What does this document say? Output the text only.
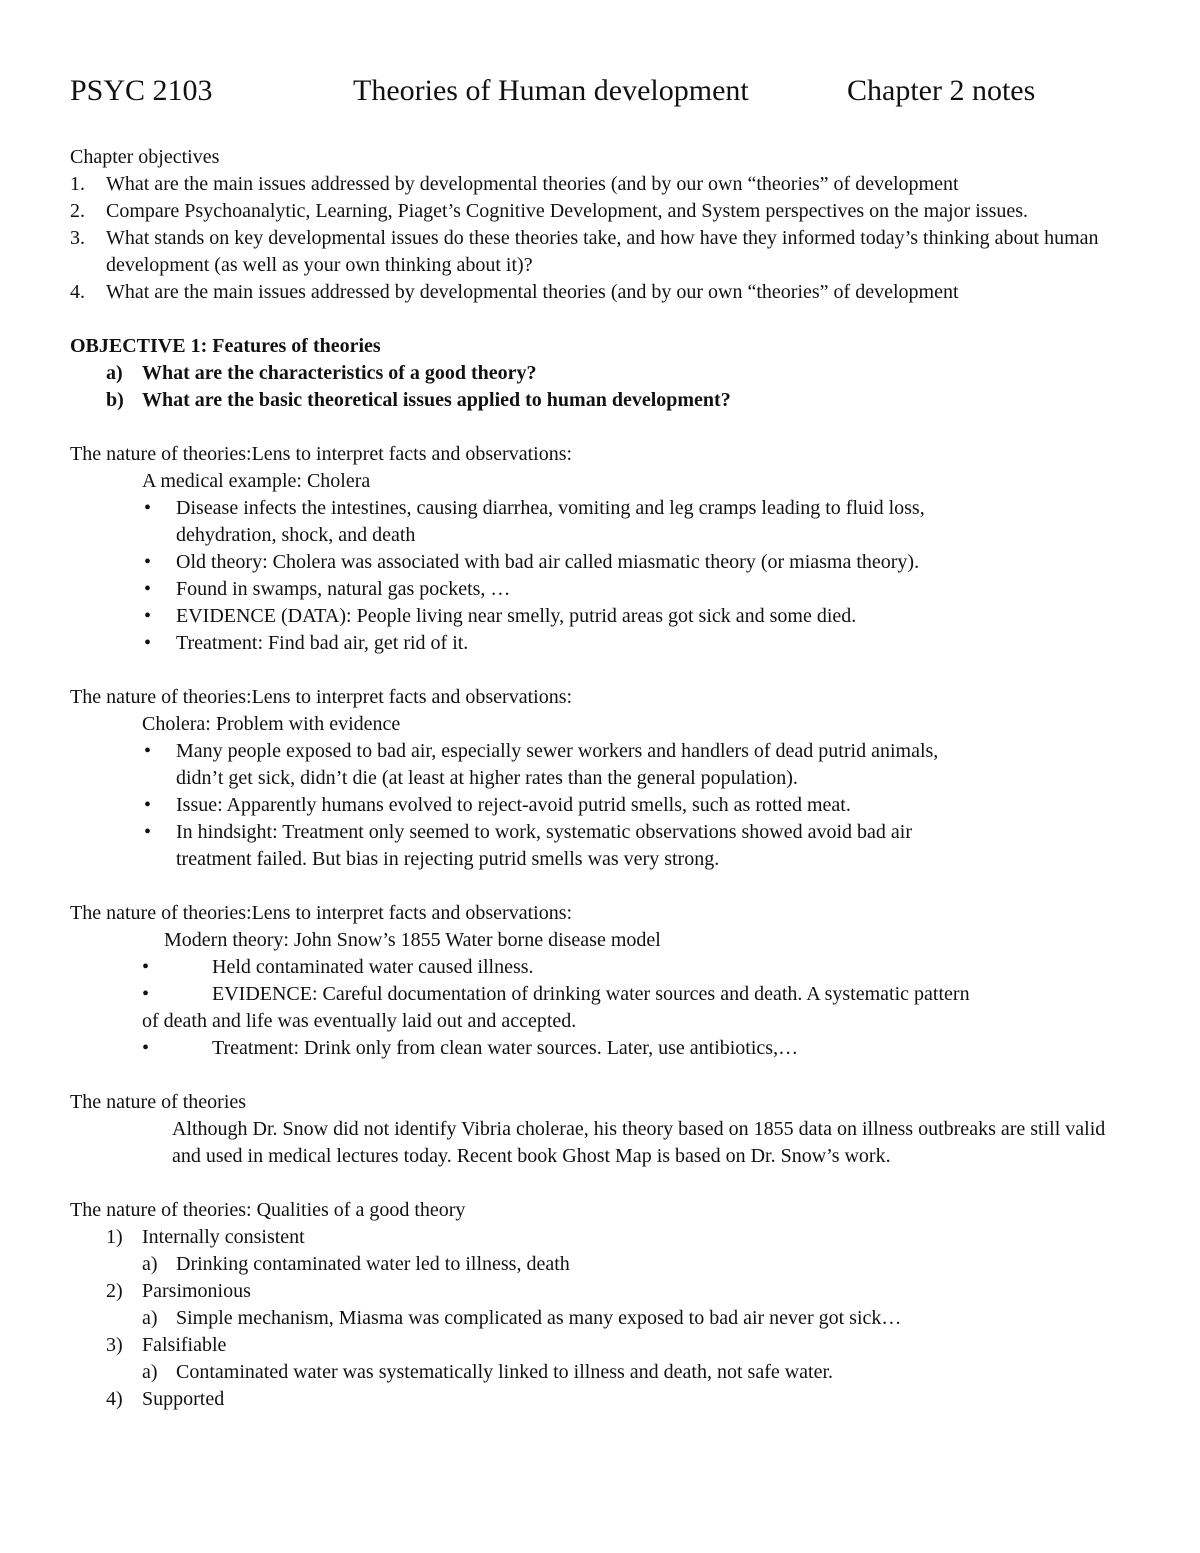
PSYC 2103	Theories of Human development	Chapter 2 notes
Chapter objectives
1. What are the main issues addressed by developmental theories (and by our own “theories” of development
2. Compare Psychoanalytic, Learning, Piaget’s Cognitive Development, and System perspectives on the major issues.
3. What stands on key developmental issues do these theories take, and how have they informed today’s thinking about human development (as well as your own thinking about it)?
4. What are the main issues addressed by developmental theories (and by our own “theories” of development
OBJECTIVE 1: Features of theories
a) What are the characteristics of a good theory?
b) What are the basic theoretical issues applied to human development?
The nature of theories:Lens to interpret facts and observations:
A medical example: Cholera
• Disease infects the intestines, causing diarrhea, vomiting and leg cramps leading to fluid loss,
dehydration, shock, and death
• Old theory: Cholera was associated with bad air called miasmatic theory (or miasma theory).
• Found in swamps, natural gas pockets, …
• EVIDENCE (DATA): People living near smelly, putrid areas got sick and some died.
• Treatment: Find bad air, get rid of it.
The nature of theories:Lens to interpret facts and observations:
Cholera: Problem with evidence
• Many people exposed to bad air, especially sewer workers and handlers of dead putrid animals,
didn’t get sick, didn’t die (at least at higher rates than the general population).
• Issue: Apparently humans evolved to reject-avoid putrid smells, such as rotted meat.
• In hindsight: Treatment only seemed to work, systematic observations showed avoid bad air
treatment failed. But bias in rejecting putrid smells was very strong.
The nature of theories:Lens to interpret facts and observations:
Modern theory: John Snow’s 1855 Water borne disease model
•	Held contaminated water caused illness.
•	EVIDENCE: Careful documentation of drinking water sources and death. A systematic pattern
of death and life was eventually laid out and accepted.
•	Treatment: Drink only from clean water sources. Later, use antibiotics,…
The nature of theories
Although Dr. Snow did not identify Vibria cholerae, his theory based on 1855 data on illness outbreaks are still valid and used in medical lectures today. Recent book Ghost Map is based on Dr. Snow’s work.
The nature of theories: Qualities of a good theory
1) Internally consistent
a) Drinking contaminated water led to illness, death
2) Parsimonious
a) Simple mechanism, Miasma was complicated as many exposed to bad air never got sick…
3) Falsifiable
a) Contaminated water was systematically linked to illness and death, not safe water.
4) Supported
